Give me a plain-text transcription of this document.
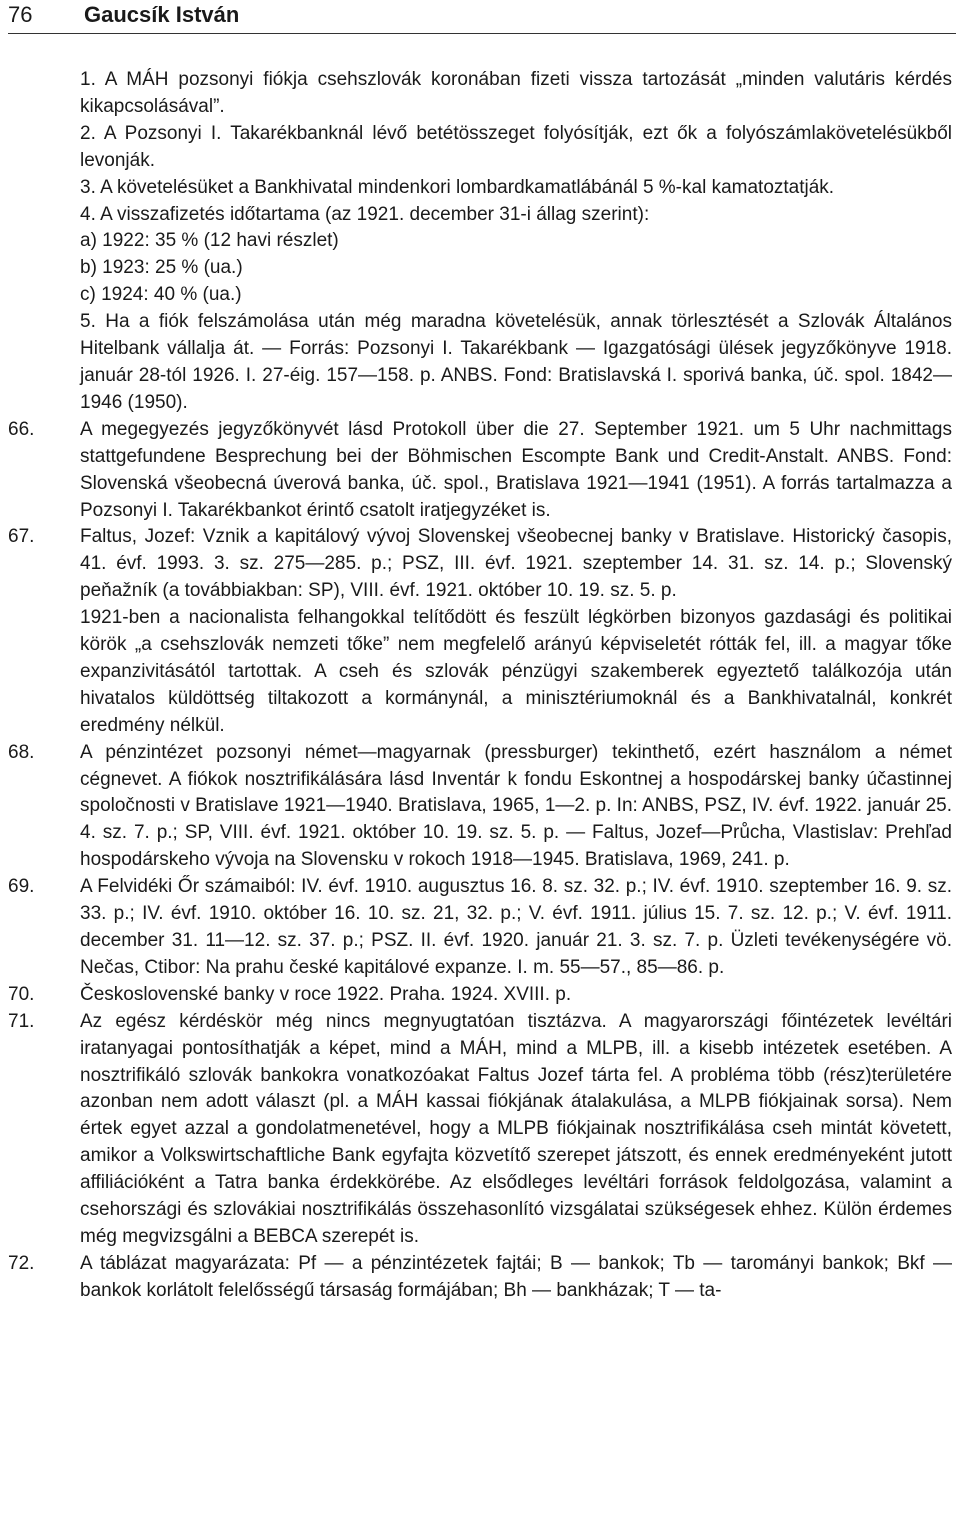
76 Gaucsík István
1. A MÁH pozsonyi fiókja csehszlovák koronában fizeti vissza tartozását „minden valutáris kérdés kikapcsolásával”.
2. A Pozsonyi I. Takarékbanknál lévő betétösszeget folyósítják, ezt ők a folyószámlakövetelésükből levonják.
3. A követelésüket a Bankhivatal mindenkori lombardkamatlábánál 5 %-kal kamatoztatják.
4. A visszafizetés időtartama (az 1921. december 31-i állag szerint):
a) 1922: 35 % (12 havi részlet)
b) 1923: 25 % (ua.)
c) 1924: 40 % (ua.)
5. Ha a fiók felszámolása után még maradna követelésük, annak törlesztését a Szlovák Általános Hitelbank vállalja át. — Forrás: Pozsonyi I. Takarékbank — Igazgatósági ülések jegyzőkönyve 1918. január 28-tól 1926. I. 27-éig. 157—158. p. ANBS. Fond: Bratislavská I. sporivá banka, úč. spol. 1842—1946 (1950).
66. A megegyezés jegyzőkönyvét lásd Protokoll über die 27. September 1921. um 5 Uhr nachmittags stattgefundene Besprechung bei der Böhmischen Escompte Bank und Credit-Anstalt. ANBS. Fond: Slovenská všeobecná úverová banka, úč. spol., Bratislava 1921—1941 (1951). A forrás tartalmazza a Pozsonyi I. Takarékbankot érintő csatolt iratjegyzéket is.
67. Faltus, Jozef: Vznik a kapitálový vývoj Slovenskej všeobecnej banky v Bratislave. Historický časopis, 41. évf. 1993. 3. sz. 275—285. p.; PSZ, III. évf. 1921. szeptember 14. 31. sz. 14. p.; Slovenský peňažník (a továbbiakban: SP), VIII. évf. 1921. október 10. 19. sz. 5. p.
1921-ben a nacionalista felhangokkal telítődött és feszült légkörben bizonyos gazdasági és politikai körök „a csehszlovák nemzeti tőke” nem megfelelő arányú képviseletét rótták fel, ill. a magyar tőke expanzivitásától tartottak. A cseh és szlovák pénzügyi szakemberek egyeztető találkozója után hivatalos küldöttség tiltakozott a kormánynál, a minisztériumoknál és a Bankhivatalnál, konkrét eredmény nélkül.
68. A pénzintézet pozsonyi német—magyarnak (pressburger) tekinthető, ezért használom a német cégnevet. A fiókok nosztrifikálására lásd Inventár k fondu Eskontnej a hospodárskej banky účastinnej spoločnosti v Bratislave 1921—1940. Bratislava, 1965, 1—2. p. In: ANBS, PSZ, IV. évf. 1922. január 25. 4. sz. 7. p.; SP, VIII. évf. 1921. október 10. 19. sz. 5. p. — Faltus, Jozef—Průcha, Vlastislav: Prehľad hospodárskeho vývoja na Slovensku v rokoch 1918—1945. Bratislava, 1969, 241. p.
69. A Felvidéki Őr számaiból: IV. évf. 1910. augusztus 16. 8. sz. 32. p.; IV. évf. 1910. szeptember 16. 9. sz. 33. p.; IV. évf. 1910. október 16. 10. sz. 21, 32. p.; V. évf. 1911. július 15. 7. sz. 12. p.; V. évf. 1911. december 31. 11—12. sz. 37. p.; PSZ. II. évf. 1920. január 21. 3. sz. 7. p. Üzleti tevékenységére vö. Nečas, Ctibor: Na prahu české kapitálové expanze. I. m. 55—57., 85—86. p.
70. Československé banky v roce 1922. Praha. 1924. XVIII. p.
71. Az egész kérdéskör még nincs megnyugtatóan tisztázva. A magyarországi főintézetek levéltári iratanyagai pontosíthatják a képet, mind a MÁH, mind a MLPB, ill. a kisebb intézetek esetében. A nosztrifikáló szlovák bankokra vonatkozóakat Faltus Jozef tárta fel. A probléma több (rész)területére azonban nem adott választ (pl. a MÁH kassai fiókjának átalakulása, a MLPB fiókjainak sorsa). Nem értek egyet azzal a gondolatmenetével, hogy a MLPB fiókjainak nosztrifikálása cseh mintát követett, amikor a Volkswirtschaftliche Bank egyfajta közvetítő szerepet játszott, és ennek eredményeként jutott affiliációként a Tatra banka érdekkörébe. Az elsődleges levéltári források feldolgozása, valamint a csehországi és szlovákiai nosztrifikálás összehasonlító vizsgálatai szükségesek ehhez. Külön érdemes még megvizsgálni a BEBCA szerepét is.
72. A táblázat magyarázata: Pf — a pénzintézetek fajtái; B — bankok; Tb — tarományi bankok; Bkf — bankok korlátolt felelősségű társaság formájában; Bh — bankházak; T — ta-
